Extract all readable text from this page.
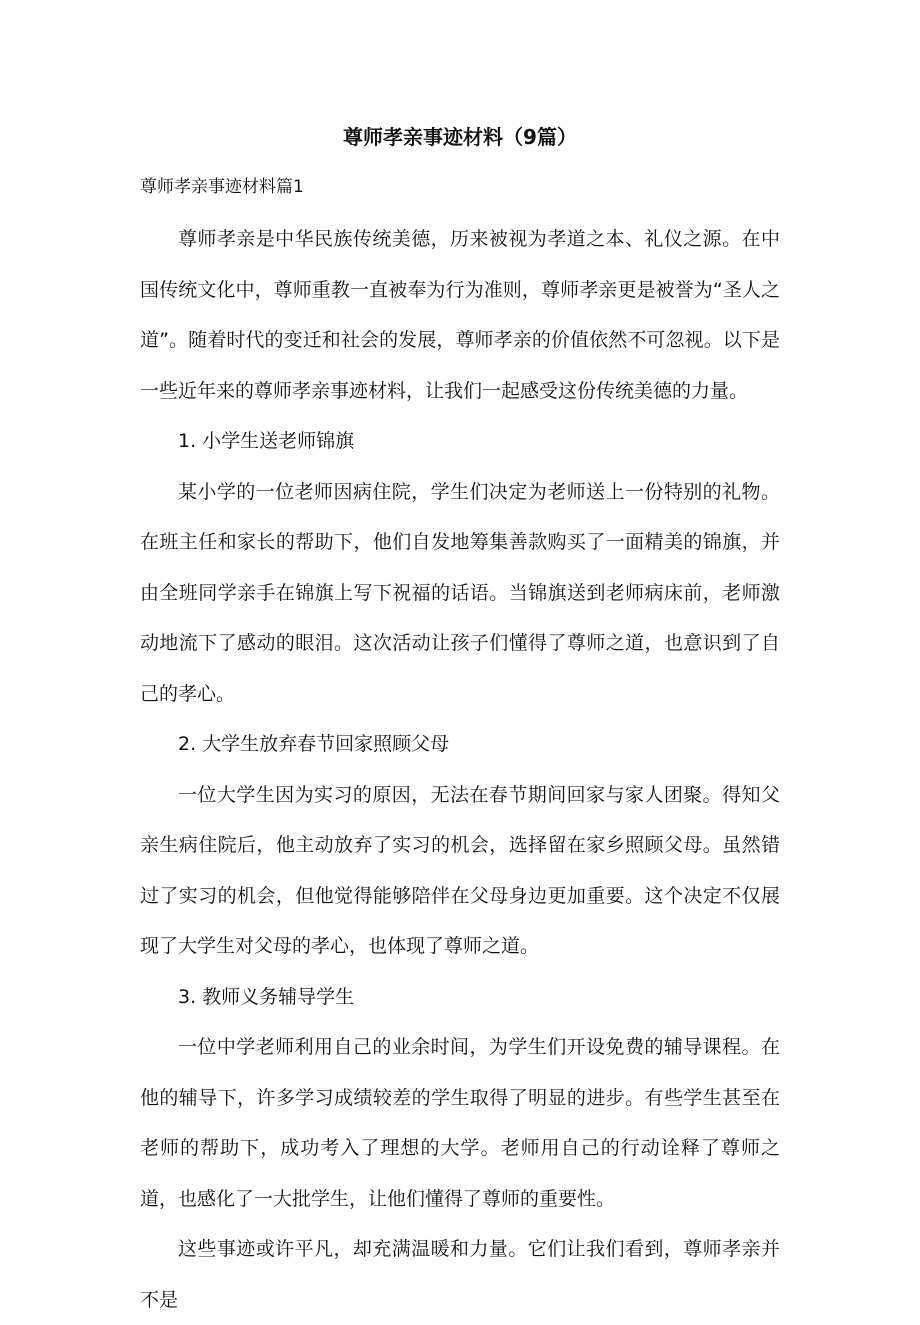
尊师孝亲事迹材料（9篇）
尊师孝亲事迹材料篇1

尊师孝亲是中华民族传统美德，历来被视为孝道之本、礼仪之源。在中国传统文化中，尊师重教一直被奉为行为准则，尊师孝亲更是被誉为“圣人之道”。随着时代的变迁和社会的发展，尊师孝亲的价值依然不可忽视。以下是一些近年来的尊师孝亲事迹材料，让我们一起感受这份传统美德的力量。

1. 小学生送老师锦旗

某小学的一位老师因病住院，学生们决定为老师送上一份特别的礼物。在班主任和家长的帮助下，他们自发地筹集善款购买了一面精美的锦旗，并由全班同学亲手在锦旗上写下祝福的话语。当锦旗送到老师病床前，老师激动地流下了感动的眼泪。这次活动让孩子们懂得了尊师之道，也意识到了自己的孝心。

2. 大学生放弃春节回家照顾父母

一位大学生因为实习的原因，无法在春节期间回家与家人团聚。得知父亲生病住院后，他主动放弃了实习的机会，选择留在家乡照顾父母。虽然错过了实习的机会，但他觉得能够陪伴在父母身边更加重要。这个决定不仅展现了大学生对父母的孝心，也体现了尊师之道。

3. 教师义务辅导学生

一位中学老师利用自己的业余时间，为学生们开设免费的辅导课程。在他的辅导下，许多学习成绩较差的学生取得了明显的进步。有些学生甚至在老师的帮助下，成功考入了理想的大学。老师用自己的行动诠释了尊师之道，也感化了一大批学生，让他们懂得了尊师的重要性。

这些事迹或许平凡，却充满温暖和力量。它们让我们看到，尊师孝亲并不是
